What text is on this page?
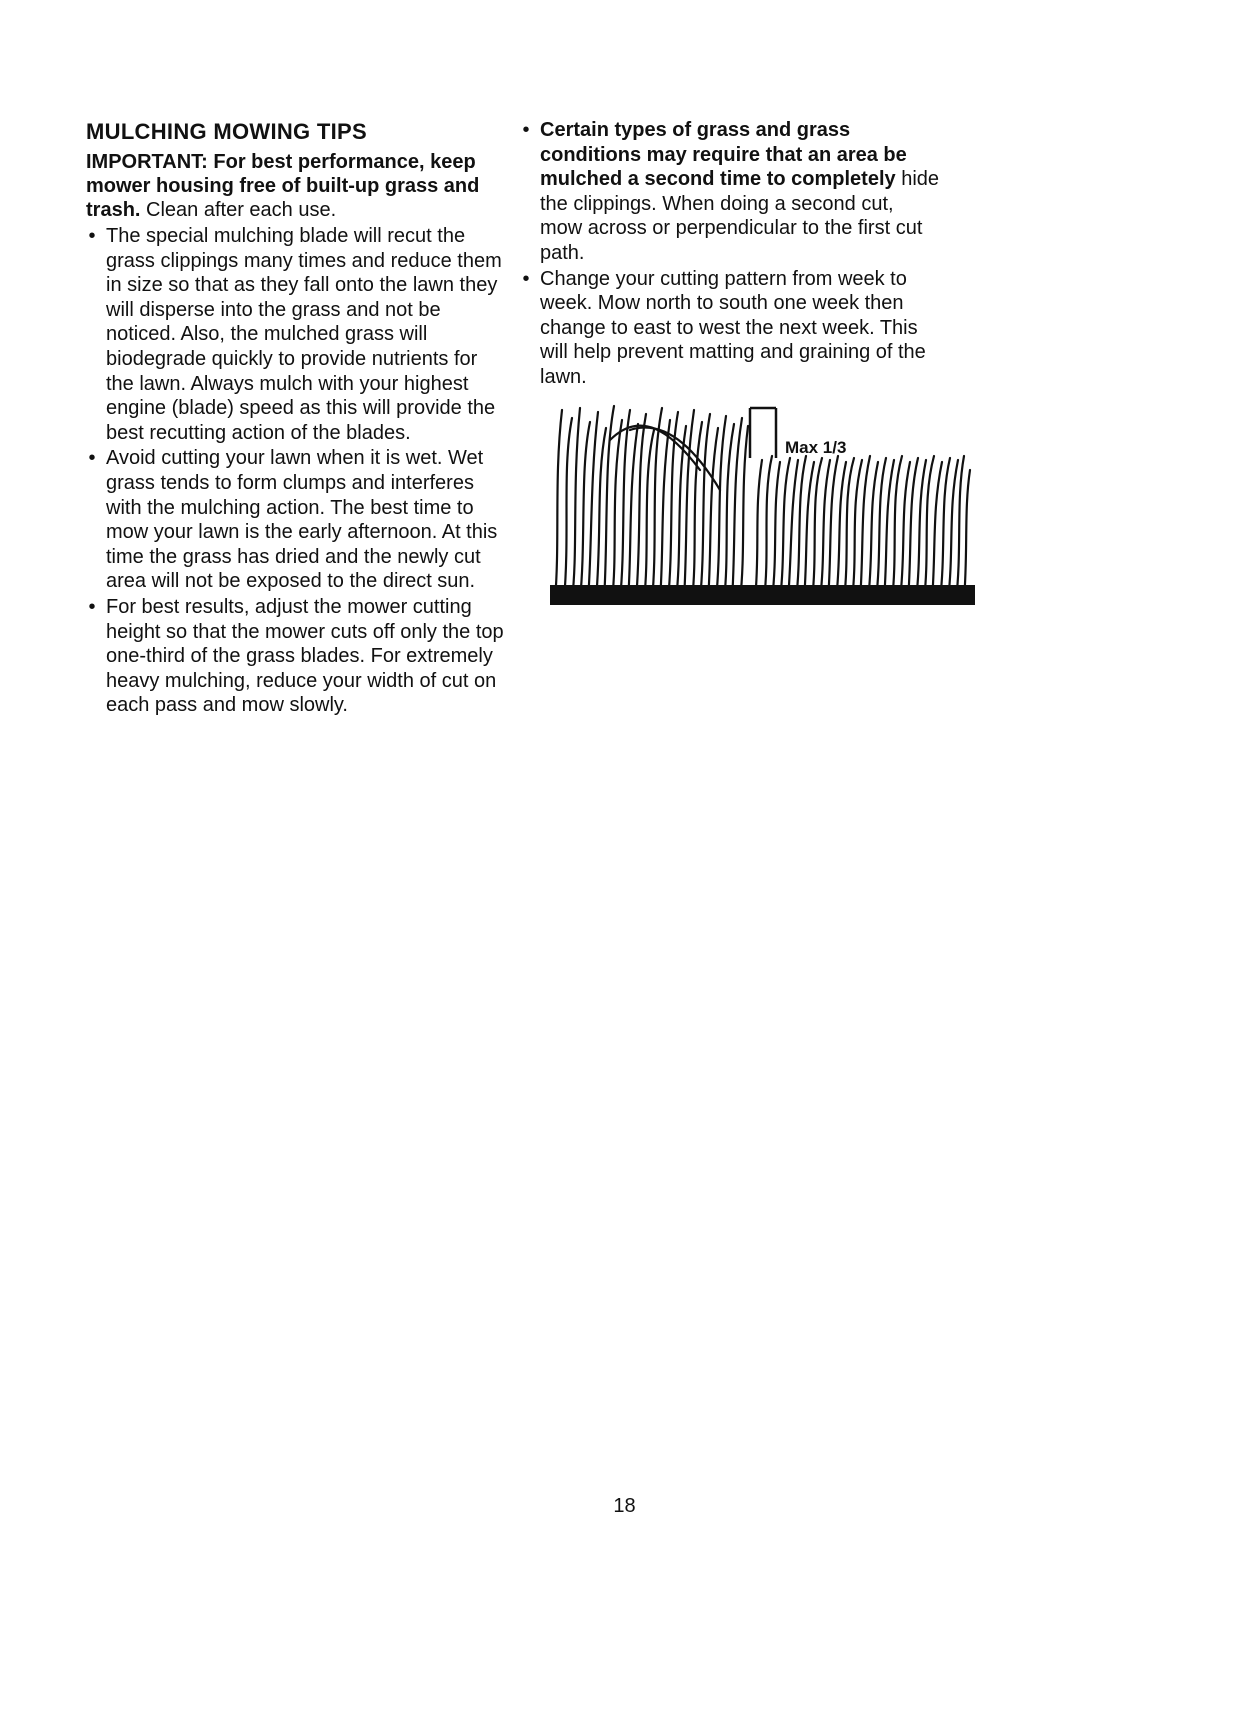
MULCHING MOWING TIPS

IMPORTANT: For best performance, keep mower housing free of built-up grass and trash. Clean after each use.

• The special mulching blade will recut the grass clippings many times and reduce them in size so that as they fall onto the lawn they will disperse into the grass and not be noticed. Also, the mulched grass will biodegrade quickly to provide nutrients for the lawn. Always mulch with your highest engine (blade) speed as this will provide the best recutting action of the blades.
• Avoid cutting your lawn when it is wet. Wet grass tends to form clumps and interferes with the mulching action. The best time to mow your lawn is the early afternoon. At this time the grass has dried and the newly cut area will not be exposed to the direct sun.
• For best results, adjust the mower cutting height so that the mower cuts off only the top one-third of the grass blades. For extremely heavy mulching, reduce your width of cut on each pass and mow slowly.
• Certain types of grass and grass conditions may require that an area be mulched a second time to completely hide the clippings. When doing a second cut, mow across or perpendicular to the first cut path.
• Change your cutting pattern from week to week. Mow north to south one week then change to east to west the next week. This will help prevent matting and graining of the lawn.
Max 1/3
18
